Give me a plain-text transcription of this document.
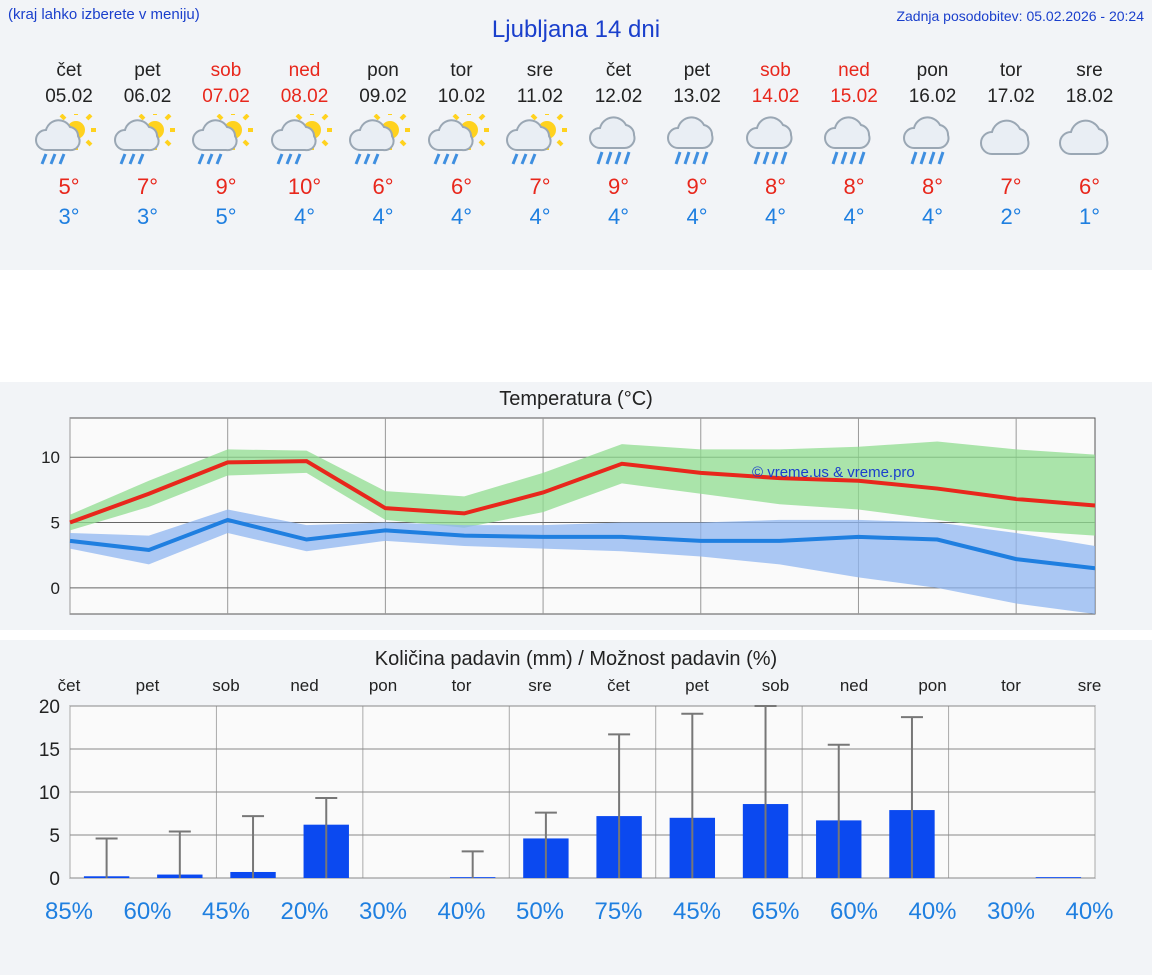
(kraj lahko izberete v meniju)
Ljubljana 14 dni	Zadnja posodobitev: 05.02.2026 - 20:24
čet
05.02
5°
3°
pet
06.02
7°
3°
sob
07.02
9°
5°
ned
08.02
10°
4°
pon
09.02
6°
4°
tor
10.02
6°
4°
sre
11.02
7°
4°
čet
12.02
9°
4°
pet
13.02
9°
4°
sob
14.02
8°
4°
ned
15.02
8°
4°
pon
16.02
8°
4°
tor
17.02
7°
2°
sre
18.02
6°
1°
Temperatura (°C)
0
5
10
© vreme.us & vreme.pro
Količina padavin (mm) / Možnost padavin (%)
0
5
10
15
20
čet
85%
pet
60%
sob
45%
ned
20%
pon
30%
tor
40%
sre
50%
čet
75%
pet
45%
sob
65%
ned
60%
pon
40%
tor
30%
sre
40%
